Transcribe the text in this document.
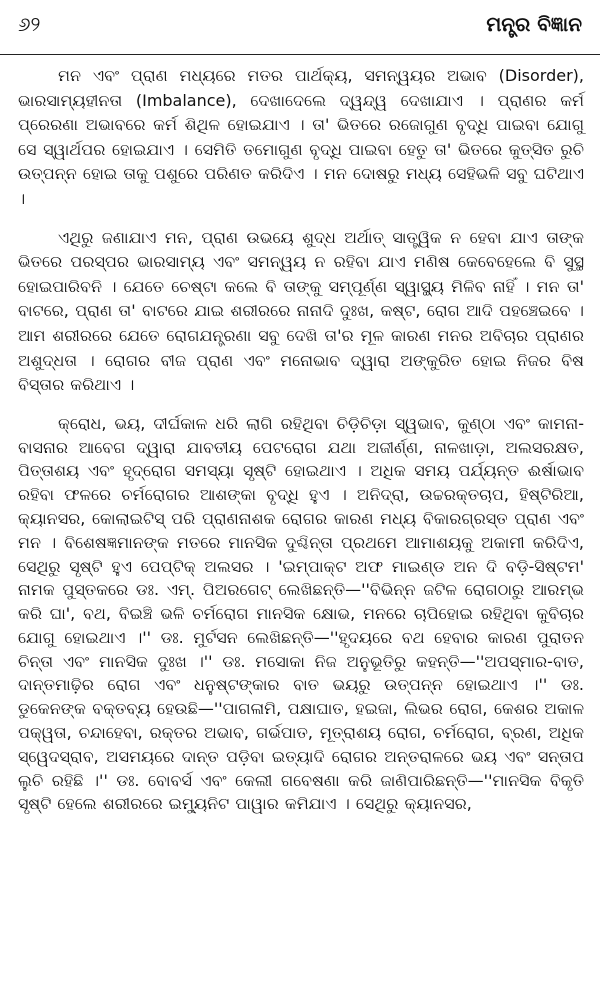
୬୨	ମନ୍ତ୍ର ବିଜ୍ଞାନ

ମନ ଏବଂ ପ୍ରାଣ ମଧ୍ୟରେ ମତର ପାର୍ଥକ୍ୟ, ସମନ୍ୱୟର ଅଭାବ (Disorder), ଭାରସାମ୍ୟହୀନତା (Imbalance), ଦେଖାଦେଲେ ଦ୍ୱନ୍ଦ୍ୱ ଦେଖାଯାଏ । ପ୍ରାଣର କର୍ମ ପ୍ରେରଣା ଅଭାବରେ କର୍ମ ଶିଥିଳ ହୋଇଯାଏ । ତା' ଭିତରେ ରଜୋଗୁଣ ବୃଦ୍ଧି ପାଇବା ଯୋଗୁ ସେ ସ୍ୱାର୍ଥପର ହୋଇଯାଏ । ସେମିତି ତମୋଗୁଣ ବୃଦ୍ଧି ପାଇବା ହେତୁ ତା' ଭିତରେ କୁତ୍ସିତ ରୁଚି ଉତ୍ପନ୍ନ ହୋଇ ତାକୁ ପଶୁରେ ପରିଣତ କରିଦିଏ । ମନ ଦୋଷରୁ ମଧ୍ୟ ସେହିଭଳି ସବୁ ଘଟିଥାଏ ।

ଏଥିରୁ ଜଣାଯାଏ ମନ, ପ୍ରାଣ ଉଭୟେ ଶୁଦ୍ଧ ଅର୍ଥାତ୍ ସାତ୍ତ୍ୱିକ ନ ହେବା ଯାଏ ତାଙ୍କ ଭିତରେ ପରସ୍ପର ଭାରସାମ୍ୟ ଏବଂ ସମନ୍ୱୟ ନ ରହିବା ଯାଏ ମଣିଷ କେବେହେଲେ ବି ସୁସ୍ଥ ହୋଇପାରିବନି । ଯେତେ ଚେଷ୍ଟା କଲେ ବି ତାଙ୍କୁ ସମ୍ପୂର୍ଣ୍ଣ ସ୍ୱାସ୍ଥ୍ୟ ମିଳିବ ନାହିଁ । ମନ ତା' ବାଟରେ, ପ୍ରାଣ ତା' ବାଟରେ ଯାଇ ଶରୀରରେ ନାନାଦି ଦୁଃଖ, କଷ୍ଟ, ରୋଗ ଆଦି ପହଞ୍ଚେଇବେ । ଆମ ଶରୀରରେ ଯେତେ ରୋଗଯନ୍ତ୍ରଣା ସବୁ ଦେଖି ତା'ର ମୂଳ କାରଣ ମନର ଅବିଚାର ପ୍ରାଣର ଅଶୁଦ୍ଧତା । ରୋଗର ବୀଜ ପ୍ରାଣ ଏବଂ ମନୋଭାବ ଦ୍ୱାରା ଅଙ୍କୁରିତ ହୋଇ ନିଜର ବିଷ ବିସ୍ତାର କରିଥାଏ ।

କ୍ରୋଧ, ଭୟ, ଦୀର୍ଘକାଳ ଧରି ଲାଗି ରହିଥିବା ଚିଡ଼ିଚିଡ଼ା ସ୍ୱଭାବ, କୁଣ୍ଠା ଏବଂ କାମନା-ବାସନାର ଆବେଗ ଦ୍ୱାରା ଯାବତୀୟ ପେଟରୋଗ ଯଥା ଅଜୀର୍ଣ୍ଣ, ନାଳଖାଡ଼ା, ଅଲସରକ୍ଷତ, ପିତ୍ତାଶୟ ଏବଂ ହୃଦ୍‌ରୋଗ ସମସ୍ୟା ସୃଷ୍ଟି ହୋଇଥାଏ । ଅଧିକ ସମୟ ପର୍ଯ୍ୟନ୍ତ ଈର୍ଷାଭାବ ରହିବା ଫଳରେ ଚର୍ମରୋଗର ଆଶଙ୍କା ବୃଦ୍ଧି ହୁଏ । ଅନିଦ୍ରା, ଉଚ୍ଚରକ୍ତଚାପ, ହିଷ୍ଟିରିଆ, କ୍ୟାନସର, କୋଲାଇଟିସ୍ ପରି ପ୍ରାଣନାଶକ ରୋଗର କାରଣ ମଧ୍ୟ ବିକାରଗ୍ରସ୍ତ ପ୍ରାଣ ଏବଂ ମନ । ବିଶେଷଜ୍ଞମାନଙ୍କ ମତରେ ମାନସିକ ଦୁଶ୍ଚିନ୍ତା ପ୍ରଥମେ ଆମାଶୟକୁ ଅକାମୀ କରିଦିଏ, ସେଥିରୁ ସୃଷ୍ଟି ହୁଏ ପେପ୍‌ଟିକ୍ ଅଲସର । 'ଇମ୍ପାକ୍ଟ ଅଫ ମାଇଣ୍ଡ ଅନ ଦି ବଡ଼ି-ସିଷ୍ଟମ' ନାମକ ପୁସ୍ତକରେ ଡଃ. ଏମ୍. ପିଅରଗେଟ୍ ଲେଖିଛନ୍ତି—''ବିଭିନ୍ନ ଜଟିଳ ରୋଗଠାରୁ ଆରମ୍ଭ କରି ଘା', ବଥ, ବିଇଞ୍ଚି ଭଳି ଚର୍ମରୋଗ ମାନସିକ କ୍ଷୋଭ, ମନରେ ଚାପିହୋଇ ରହିଥିବା କୁବିଚାର ଯୋଗୁ ହୋଇଥାଏ ।'' ଡଃ. ମୁର୍ଟସନ ଲେଖିଛନ୍ତି—''ହୃଦୟରେ ବଥ ହେବାର କାରଣ ପୁରାତନ ଚିନ୍ତା ଏବଂ ମାନସିକ ଦୁଃଖ ।'' ଡଃ. ମସୋକା ନିଜ ଅନୁଭୂତିରୁ କହନ୍ତି—''ଅପସ୍ମାର-ବାତ, ଦାନ୍ତମାଢ଼ିର ରୋଗ ଏବଂ ଧନୁଷ୍ଟଙ୍କାର ବାତ ଭୟରୁ ଉତ୍ପନ୍ନ ହୋଇଥାଏ ।'' ଡଃ. ଡୁକେନଙ୍କ ବକ୍ତବ୍ୟ ହେଉଛି—''ପାଗଳାମି, ପକ୍ଷାଘାତ, ହଇଜା, ଲିଭର ରୋଗ, କେଶର ଅକାଳ ପକ୍ୱତା, ଚନ୍ଦାହେବା, ରକ୍ତର ଅଭାବ, ଗର୍ଭପାତ, ମୂତ୍ରାଶୟ ରୋଗ, ଚର୍ମରୋଗ, ବ୍ରଣ, ଅଧିକ ସ୍ୱେଦସ୍ରାବ, ଅସମୟରେ ଦାନ୍ତ ପଡ଼ିବା ଇତ୍ୟାଦି ରୋଗର ଅନ୍ତରାଳରେ ଭୟ ଏବଂ ସନ୍ତାପ ଲୁଚି ରହିଛି ।'' ଡଃ. ବୋବର୍ସ ଏବଂ କେଲୀ ଗବେଷଣା କରି ଜାଣିପାରିଛନ୍ତି—''ମାନସିକ ବିକୃତି ସୃଷ୍ଟି ହେଲେ ଶରୀରରେ ଇମ୍ୟୁନିଟ ପାୱାର କମିଯାଏ । ସେଥିରୁ କ୍ୟାନସର,
